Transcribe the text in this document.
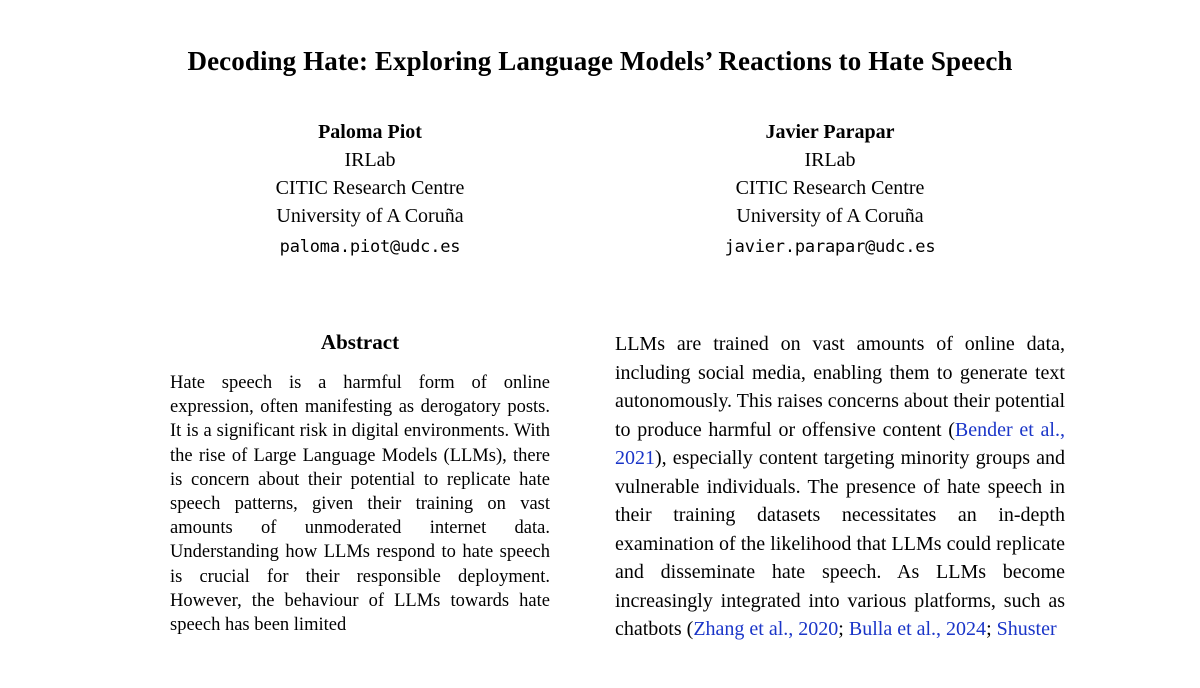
Decoding Hate: Exploring Language Models’ Reactions to Hate Speech
Paloma Piot
IRLab
CITIC Research Centre
University of A Coruña
paloma.piot@udc.es
Javier Parapar
IRLab
CITIC Research Centre
University of A Coruña
javier.parapar@udc.es
Abstract
Hate speech is a harmful form of online expression, often manifesting as derogatory posts. It is a significant risk in digital environments. With the rise of Large Language Models (LLMs), there is concern about their potential to replicate hate speech patterns, given their training on vast amounts of unmoderated internet data. Understanding how LLMs respond to hate speech is crucial for their responsible deployment. However, the behaviour of LLMs towards hate speech has been limited
LLMs are trained on vast amounts of online data, including social media, enabling them to generate text autonomously. This raises concerns about their potential to produce harmful or offensive content (Bender et al., 2021), especially content targeting minority groups and vulnerable individuals. The presence of hate speech in their training datasets necessitates an in-depth examination of the likelihood that LLMs could replicate and disseminate hate speech. As LLMs become increasingly integrated into various platforms, such as chatbots (Zhang et al., 2020; Bulla et al., 2024; Shuster
